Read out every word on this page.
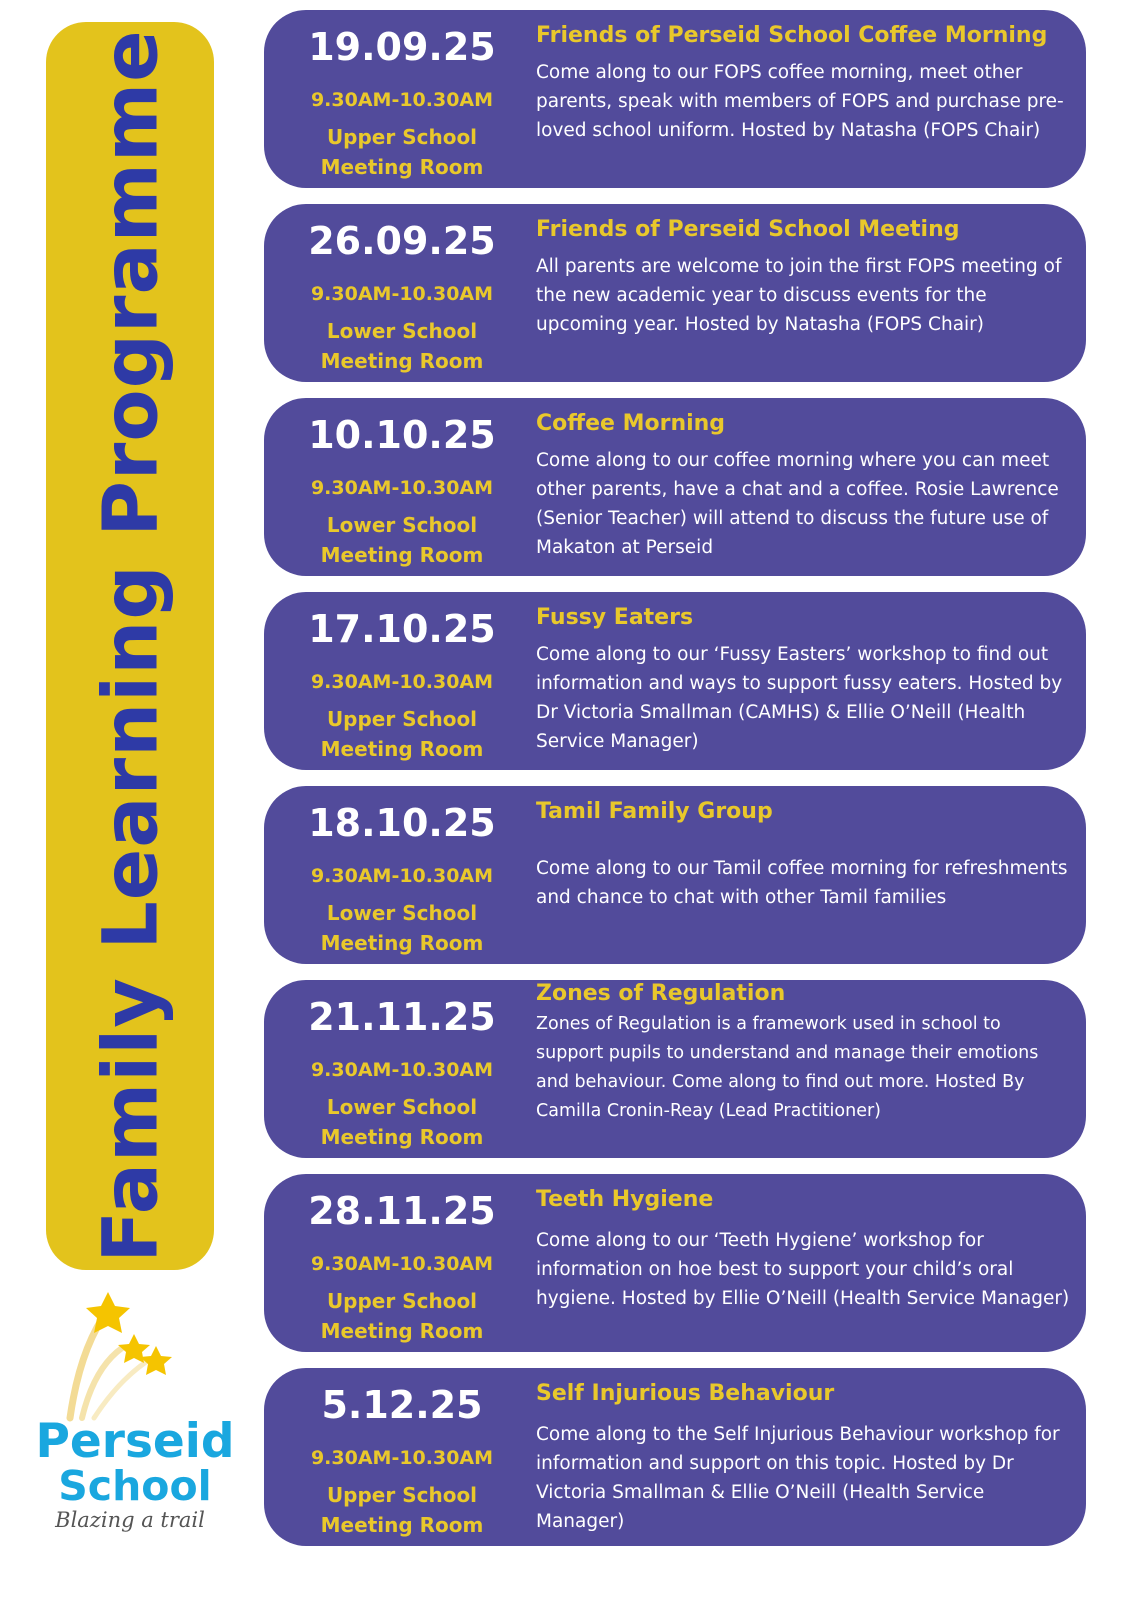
Family Learning Programme
Perseid
School
Blazing a trail
19.09.25
9.30AM-10.30AM
Upper School
Meeting Room
Friends of Perseid School Coffee Morning
Come along to our FOPS coffee morning, meet other parents, speak with members of FOPS and purchase pre-loved school uniform. Hosted by Natasha (FOPS Chair)
26.09.25
9.30AM-10.30AM
Lower School
Meeting Room
Friends of Perseid School Meeting
All parents are welcome to join the first FOPS meeting of the new academic year to discuss events for the upcoming year. Hosted by Natasha (FOPS Chair)
10.10.25
9.30AM-10.30AM
Lower School
Meeting Room
Coffee Morning
Come along to our coffee morning where you can meet other parents, have a chat and a coffee. Rosie Lawrence (Senior Teacher) will attend to discuss the future use of Makaton at Perseid
17.10.25
9.30AM-10.30AM
Upper School
Meeting Room
Fussy Eaters
Come along to our ‘Fussy Easters’ workshop to find out information and ways to support fussy eaters. Hosted by Dr Victoria Smallman (CAMHS) & Ellie O’Neill (Health Service Manager)
18.10.25
9.30AM-10.30AM
Lower School
Meeting Room
Tamil Family Group
Come along to our Tamil coffee morning for refreshments and chance to chat with other Tamil families
21.11.25
9.30AM-10.30AM
Lower School
Meeting Room
Zones of Regulation
Zones of Regulation is a framework used in school to support pupils to understand and manage their emotions and behaviour. Come along to find out more. Hosted By Camilla Cronin-Reay (Lead Practitioner)
28.11.25
9.30AM-10.30AM
Upper School
Meeting Room
Teeth Hygiene
Come along to our ‘Teeth Hygiene’ workshop for information on hoe best to support your child’s oral hygiene. Hosted by Ellie O’Neill (Health Service Manager)
5.12.25
9.30AM-10.30AM
Upper School
Meeting Room
Self Injurious Behaviour
Come along to the Self Injurious Behaviour workshop for information and support on this topic. Hosted by Dr Victoria Smallman & Ellie O’Neill (Health Service Manager)
